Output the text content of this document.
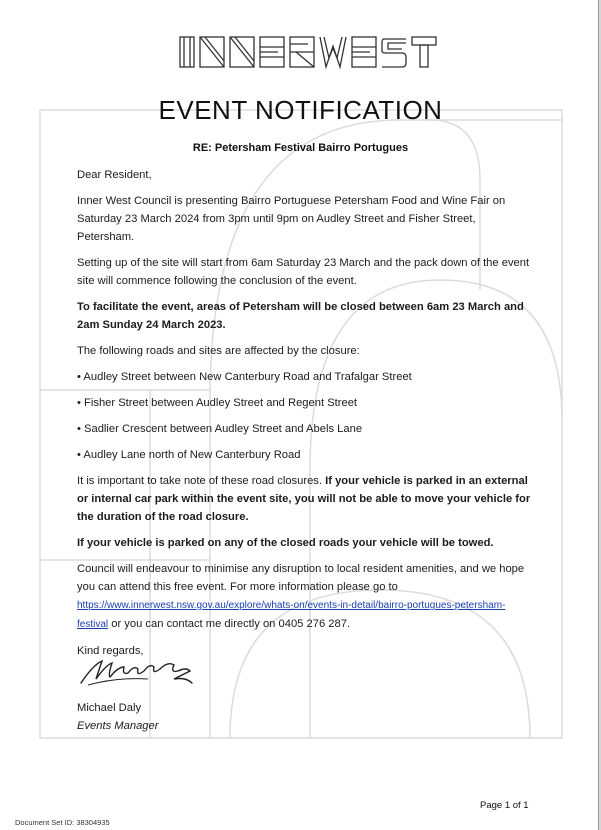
EVENT NOTIFICATION
RE: Petersham Festival Bairro Portugues

Dear Resident,

Inner West Council is presenting Bairro Portuguese Petersham Food and Wine Fair on Saturday 23 March 2024 from 3pm until 9pm on Audley Street and Fisher Street, Petersham.

Setting up of the site will start from 6am Saturday 23 March and the pack down of the event site will commence following the conclusion of the event.

To facilitate the event, areas of Petersham will be closed between 6am 23 March and 2am Sunday 24 March 2023.

The following roads and sites are affected by the closure:

• Audley Street between New Canterbury Road and Trafalgar Street

• Fisher Street between Audley Street and Regent Street

• Sadlier Crescent between Audley Street and Abels Lane

• Audley Lane north of New Canterbury Road

It is important to take note of these road closures. If your vehicle is parked in an external or internal car park within the event site, you will not be able to move your vehicle for the duration of the road closure.

If your vehicle is parked on any of the closed roads your vehicle will be towed.

Council will endeavour to minimise any disruption to local resident amenities, and we hope you can attend this free event. For more information please go to https://www.innerwest.nsw.gov.au/explore/whats-on/events-in-detail/bairro-portugues-petersham-festival or you can contact me directly on 0405 276 287.

Kind regards,

Michael Daly
Events Manager
Page 1 of 1
Document Set ID: 38304935
